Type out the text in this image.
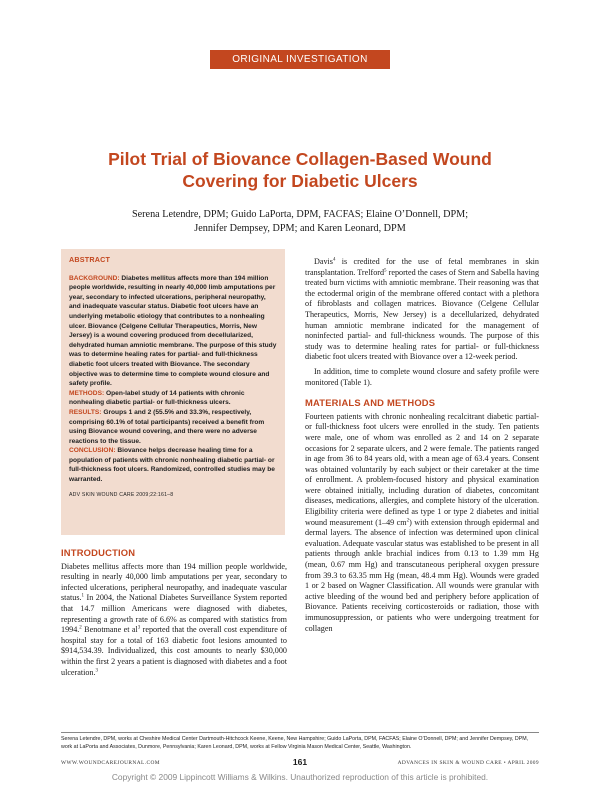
ORIGINAL INVESTIGATION
Pilot Trial of Biovance Collagen-Based Wound
Covering for Diabetic Ulcers
Serena Letendre, DPM; Guido LaPorta, DPM, FACFAS; Elaine O’Donnell, DPM;
Jennifer Dempsey, DPM; and Karen Leonard, DPM
ABSTRACT

BACKGROUND: Diabetes mellitus affects more than 194 million people worldwide, resulting in nearly 40,000 limb amputations per year, secondary to infected ulcerations, peripheral neuropathy, and inadequate vascular status. Diabetic foot ulcers have an underlying metabolic etiology that contributes to a nonhealing ulcer. Biovance (Celgene Cellular Therapeutics, Morris, New Jersey) is a wound covering produced from decellularized, dehydrated human amniotic membrane. The purpose of this study was to determine healing rates for partial- and full-thickness diabetic foot ulcers treated with Biovance. The secondary objective was to determine time to complete wound closure and safety profile.

METHODS: Open-label study of 14 patients with chronic nonhealing diabetic partial- or full-thickness ulcers.

RESULTS: Groups 1 and 2 (55.5% and 33.3%, respectively, comprising 60.1% of total participants) received a benefit from using Biovance wound covering, and there were no adverse reactions to the tissue.

CONCLUSION: Biovance helps decrease healing time for a population of patients with chronic nonhealing diabetic partial- or full-thickness foot ulcers. Randomized, controlled studies may be warranted.

ADV SKIN WOUND CARE 2009;22:161–8

INTRODUCTION

Diabetes mellitus affects more than 194 million people worldwide, resulting in nearly 40,000 limb amputations per year, secondary to infected ulcerations, peripheral neuropathy, and inadequate vascular status.$^1$ In 2004, the National Diabetes Surveillance System reported that 14.7 million Americans were diagnosed with diabetes, representing a growth rate of 6.6% as compared with statistics from 1994.$^2$ Benotmane et $al^3$ reported that the overall cost expenditure of hospital stay for a total of 163 diabetic foot lesions amounted to $914,534.39. Individualized, this cost amounts to nearly $30,000 within the first 2 years a patient is diagnosed with diabetes and a foot ulceration.$^3$

Davis$^4$ is credited for the use of fetal membranes in skin transplantation. Trelford$^5$ reported the cases of Stern and Sabella having treated burn victims with amniotic membrane. Their reasoning was that the ectodermal origin of the membrane offered contact with a plethora of fibroblasts and collagen matrices. Biovance (Celgene Cellular Therapeutics, Morris, New Jersey) is a decellularized, dehydrated human amniotic membrane indicated for the management of noninfected partial- and full-thickness wounds. The purpose of this study was to determine healing rates for partial- or full-thickness diabetic foot ulcers treated with Biovance over a 12-week period.

In addition, time to complete wound closure and safety profile were monitored (Table 1).

MATERIALS AND METHODS

Fourteen patients with chronic nonhealing recalcitrant diabetic partial- or full-thickness foot ulcers were enrolled in the study. Ten patients were male, one of whom was enrolled as 2 and 14 on 2 separate occasions for 2 separate ulcers, and 2 were female. The patients ranged in age from 36 to 84 years old, with a mean age of 63.4 years. Consent was obtained voluntarily by each subject or their caretaker at the time of enrollment. A problem-focused history and physical examination were obtained initially, including duration of diabetes, concomitant diseases, medications, allergies, and complete history of the ulceration. Eligibility criteria were defined as type 1 or type 2 diabetes and initial wound measurement (1–49 $cm^2$) with extension through epidermal and dermal layers. The absence of infection was determined upon clinical evaluation. Adequate vascular status was established to be present in all patients through ankle brachial indices from 0.13 to 1.39 mm Hg (mean, 0.67 mm Hg) and transcutaneous peripheral oxygen pressure from 39.3 to 63.35 mm Hg (mean, 48.4 mm Hg). Wounds were graded 1 or 2 based on Wagner Classification. All wounds were granular with active bleeding of the wound bed and periphery before application of Biovance. Patients receiving corticosteroids or radiation, those with immunosuppression, or patients who were undergoing treatment for collagen

Serena Letendre, DPM, works at Cheshire Medical Center Dartmouth-Hitchcock Keene, Keene, New Hampshire; Guido LaPorta, DPM, FACFAS; Elaine O’Donnell, DPM; and Jennifer Dempsey, DPM, work at LaPorta and Associates, Dunmore, Pennsylvania; Karen Leonard, DPM, works at Fellow Virginia Mason Medical Center, Seattle, Washington.

WWW.WOUNDCAREJOURNAL.COM	161	ADVANCES IN SKIN & WOUND CARE • APRIL 2009
Copyright © 2009 Lippincott Williams & Wilkins. Unauthorized reproduction of this article is prohibited.
